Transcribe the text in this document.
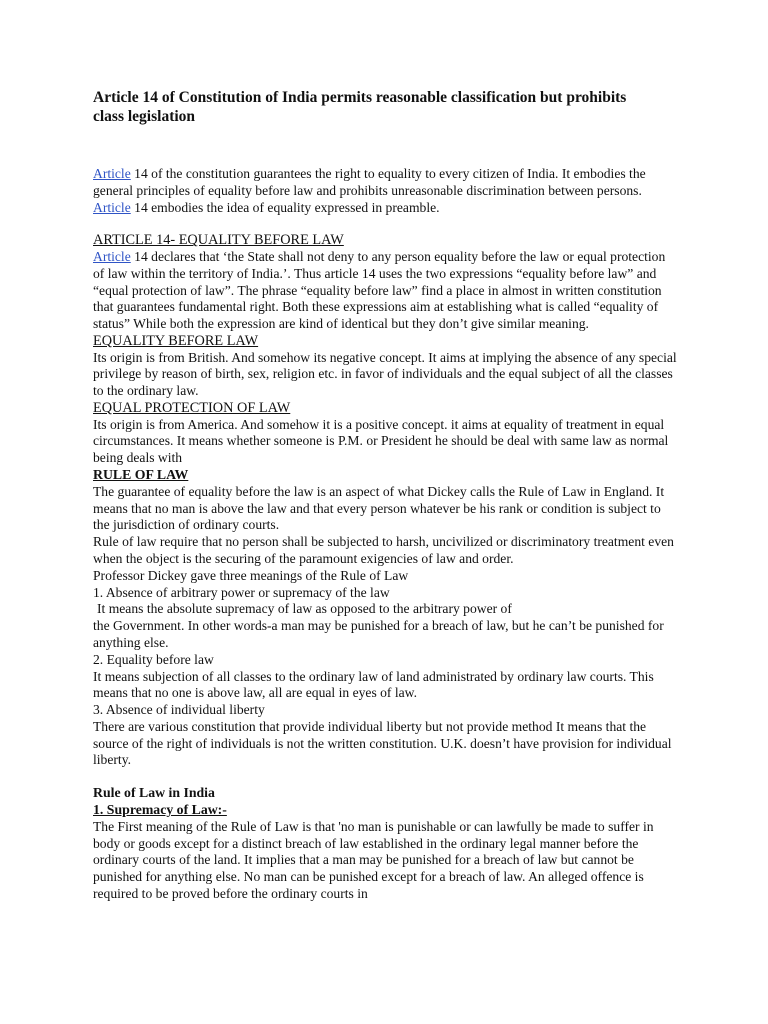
Article 14 of Constitution of India permits reasonable classification but prohibits class legislation

Article 14 of the constitution guarantees the right to equality to every citizen of India. It embodies the general principles of equality before law and prohibits unreasonable discrimination between persons. Article 14 embodies the idea of equality expressed in preamble.

ARTICLE 14- EQUALITY BEFORE LAW

Article 14 declares that ‘the State shall not deny to any person equality before the law or equal protection of law within the territory of India.’. Thus article 14 uses the two expressions “equality before law” and “equal protection of law”. The phrase “equality before law” find a place in almost in written constitution that guarantees fundamental right. Both these expressions aim at establishing what is called “equality of status” While both the expression are kind of identical but they don’t give similar meaning.

EQUALITY BEFORE LAW

Its origin is from British. And somehow its negative concept. It aims at implying the absence of any special privilege by reason of birth, sex, religion etc. in favor of individuals and the equal subject of all the classes to the ordinary law.

EQUAL PROTECTION OF LAW

Its origin is from America. And somehow it is a positive concept. it aims at equality of treatment in equal circumstances. It means whether someone is P.M. or President he should be deal with same law as normal being deals with

RULE OF LAW

The guarantee of equality before the law is an aspect of what Dickey calls the Rule of Law in England. It means that no man is above the law and that every person whatever be his rank or condition is subject to the jurisdiction of ordinary courts.

Rule of law require that no person shall be subjected to harsh, uncivilized or discriminatory treatment even when the object is the securing of the paramount exigencies of law and order.

Professor Dickey gave three meanings of the Rule of Law

1. Absence of arbitrary power or supremacy of the law

It means the absolute supremacy of law as opposed to the arbitrary power of

the Government. In other words-a man may be punished for a breach of law, but he can’t be punished for anything else.

2. Equality before law

It means subjection of all classes to the ordinary law of land administrated by ordinary law courts. This means that no one is above law, all are equal in eyes of law.

3. Absence of individual liberty

There are various constitution that provide individual liberty but not provide method It means that the source of the right of individuals is not the written constitution. U.K. doesn’t have provision for individual liberty.

Rule of Law in India
1. Supremacy of Law:-

The First meaning of the Rule of Law is that 'no man is punishable or can lawfully be made to suffer in body or goods except for a distinct breach of law established in the ordinary legal manner before the ordinary courts of the land. It implies that a man may be punished for a breach of law but cannot be punished for anything else. No man can be punished except for a breach of law. An alleged offence is required to be proved before the ordinary courts in
